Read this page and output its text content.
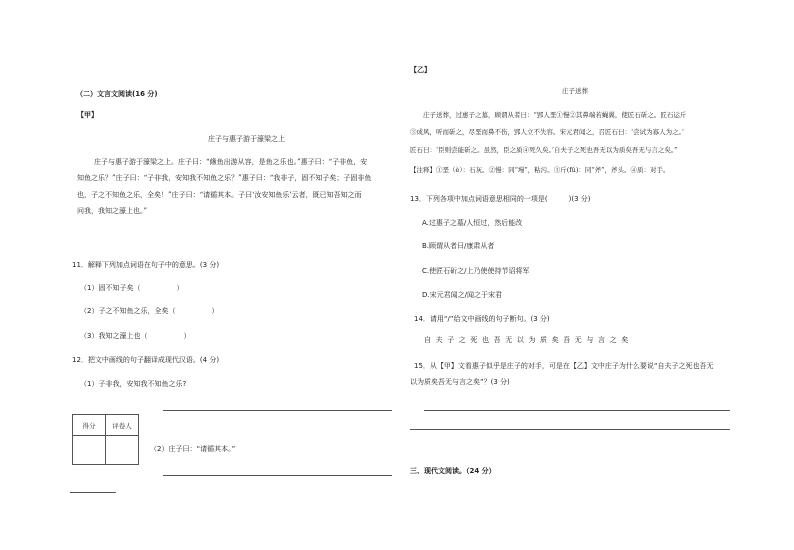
（二）文言文阅读(16 分)
【甲】
庄子与惠子游于濠梁之上
庄子与惠子游于濠梁之上。庄子曰：“鯈鱼出游从容，是鱼之乐也。”惠子曰：“子非鱼，安
知鱼之乐？”庄子曰：“子非我，安知我不知鱼之乐？”惠子曰：“我非子，固不知子矣；子固非鱼
也，子之不知鱼之乐，全矣！”庄子曰：“请循其本。子曰‘汝安知鱼乐’云者，既已知吾知之而
问我，我知之濠上也。”
11．解释下列加点词语在句子中的意思。(3 分)
（1）固不知子矣（	）
（2）子之不知鱼之乐，全矣（	）
（3）我知之濠上也（	）
12．把文中画线的句子翻译成现代汉语。(4 分)
（1）子非我，安知我不知鱼之乐?
得分	评卷人

（2）庄子曰：“请循其本。”
【乙】
庄子送葬
庄子送葬，过惠子之墓，顾谓从者曰：“郢人垩①慢②其鼻端若蝇翼，使匠石斫之。匠石运斤
③成风，听而斫之，尽垩而鼻不伤，郢人立不失容。宋元君闻之，召匠石曰：‘尝试为寡人为之。’
匠石曰：‘臣则尝能斫之。虽然，臣之质④死久矣。’自夫子之死也吾无以为质矣吾无与言之矣。”
【注释】①垩（è）：石灰。②慢：同“墁”，粘污。③斤(fǔ)：同“斧”，斧头。④质：对手。
13．下列各项中加点词语意思相同的一项是(　　　)(3 分)
A.过惠子之墓/人恒过，然后能改
B.顾谓从者曰/康肃从者
C.使匠石斫之/上乃使使持节诏将军
D.宋元君闻之/闻之于宋君
14．请用“/”给文中画线的句子断句。(3 分)
自夫子之死也吾无以为质矣吾无与言之矣
15．从【甲】文看惠子似乎是庄子的对手，可是在【乙】文中庄子为什么要说“自夫子之死也吾无
以为质矣吾无与言之矣”？(3 分)
三、现代文阅读。（24 分）
